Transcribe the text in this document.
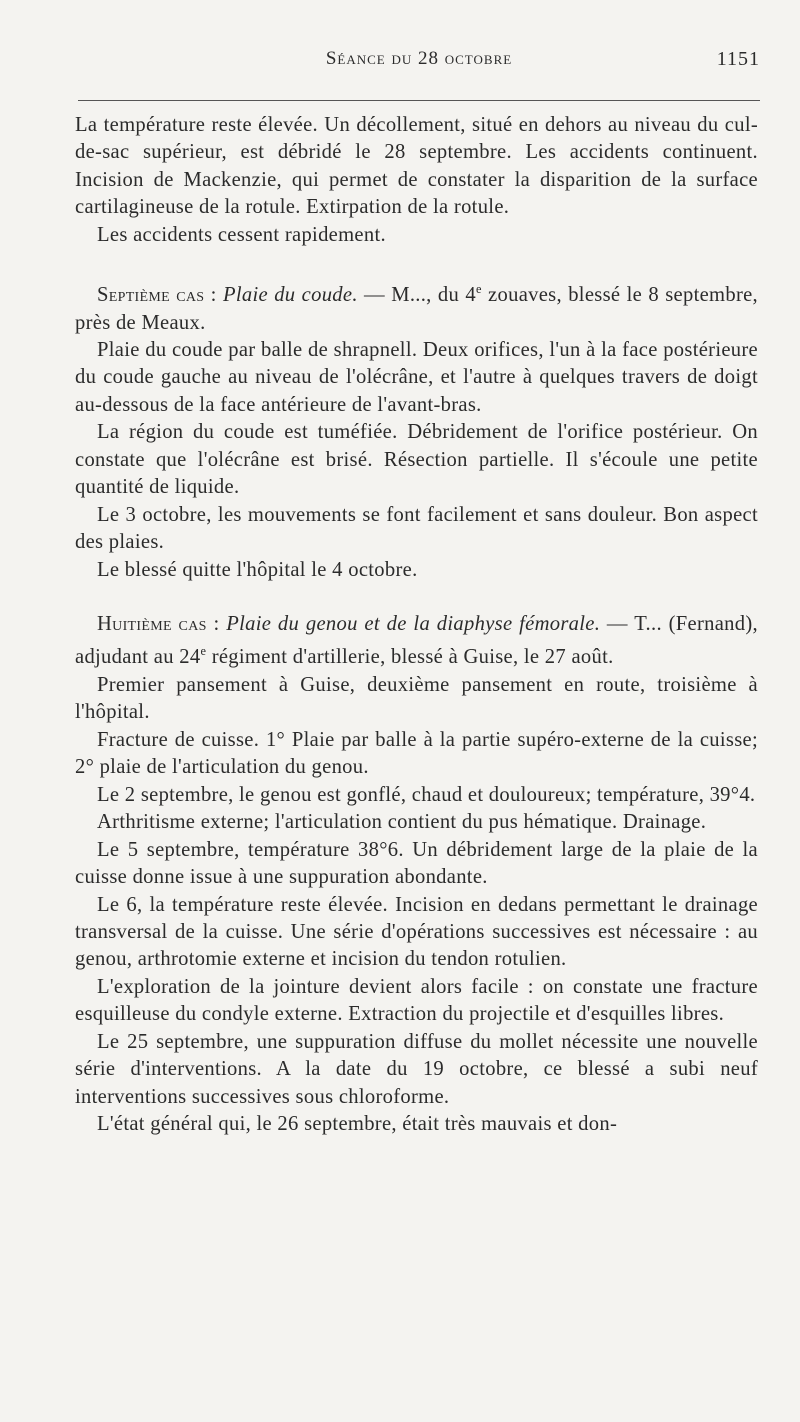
Séance du 28 octobre	1151

La température reste élevée. Un décollement, situé en dehors au niveau du cul-de-sac supérieur, est débridé le 28 septembre. Les accidents continuent. Incision de Mackenzie, qui permet de constater la disparition de la surface cartilagineuse de la rotule. Extirpation de la rotule.

Les accidents cessent rapidement.

Septième cas : Plaie du coude. — M..., du 4e zouaves, blessé le 8 septembre, près de Meaux.

Plaie du coude par balle de shrapnell. Deux orifices, l'un à la face postérieure du coude gauche au niveau de l'olécrâne, et l'autre à quelques travers de doigt au-dessous de la face antérieure de l'avant-bras.

La région du coude est tuméfiée. Débridement de l'orifice postérieur. On constate que l'olécrâne est brisé. Résection partielle. Il s'écoule une petite quantité de liquide.

Le 3 octobre, les mouvements se font facilement et sans douleur. Bon aspect des plaies.

Le blessé quitte l'hôpital le 4 octobre.

Huitième cas : Plaie du genou et de la diaphyse fémorale. — T... (Fernand), adjudant au 24e régiment d'artillerie, blessé à Guise, le 27 août.

Premier pansement à Guise, deuxième pansement en route, troisième à l'hôpital.

Fracture de cuisse. 1° Plaie par balle à la partie supéro-externe de la cuisse; 2° plaie de l'articulation du genou.

Le 2 septembre, le genou est gonflé, chaud et douloureux; température, 39°4.

Arthritisme externe; l'articulation contient du pus hématique. Drainage.

Le 5 septembre, température 38°6. Un débridement large de la plaie de la cuisse donne issue à une suppuration abondante.

Le 6, la température reste élevée. Incision en dedans permettant le drainage transversal de la cuisse. Une série d'opérations successives est nécessaire : au genou, arthrotomie externe et incision du tendon rotulien.

L'exploration de la jointure devient alors facile : on constate une fracture esquilleuse du condyle externe. Extraction du projectile et d'esquilles libres.

Le 25 septembre, une suppuration diffuse du mollet nécessite une nouvelle série d'interventions. A la date du 19 octobre, ce blessé a subi neuf interventions successives sous chloroforme.

L'état général qui, le 26 septembre, était très mauvais et don-
